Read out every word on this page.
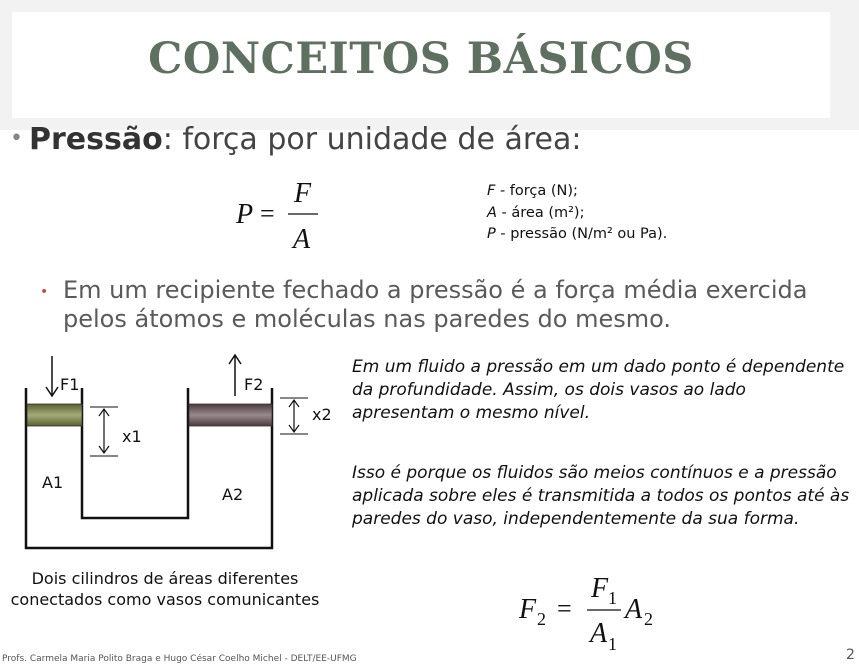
CONCEITOS BÁSICOS
• Pressão: força por unidade de área:
P =
F
A
F - força (N);
A - área (m²);
P - pressão (N/m² ou Pa).
• Em um recipiente fechado a pressão é a força média exercida pelos átomos e moléculas nas paredes do mesmo.
F1	F2
x1
x2
A1
A2
Dois cilindros de áreas diferentes conectados como vasos comunicantes
Em um fluido a pressão em um dado ponto é dependente da profundidade. Assim, os dois vasos ao lado apresentam o mesmo nível.
Isso é porque os fluidos são meios contínuos e a pressão aplicada sobre eles é transmitida a todos os pontos até às paredes do vaso, independentemente da sua forma.
F 2 =
F 1
A 1
A 2
Profs. Carmela Maria Polito Braga e Hugo César Coelho Michel - DELT/EE-UFMG	2
